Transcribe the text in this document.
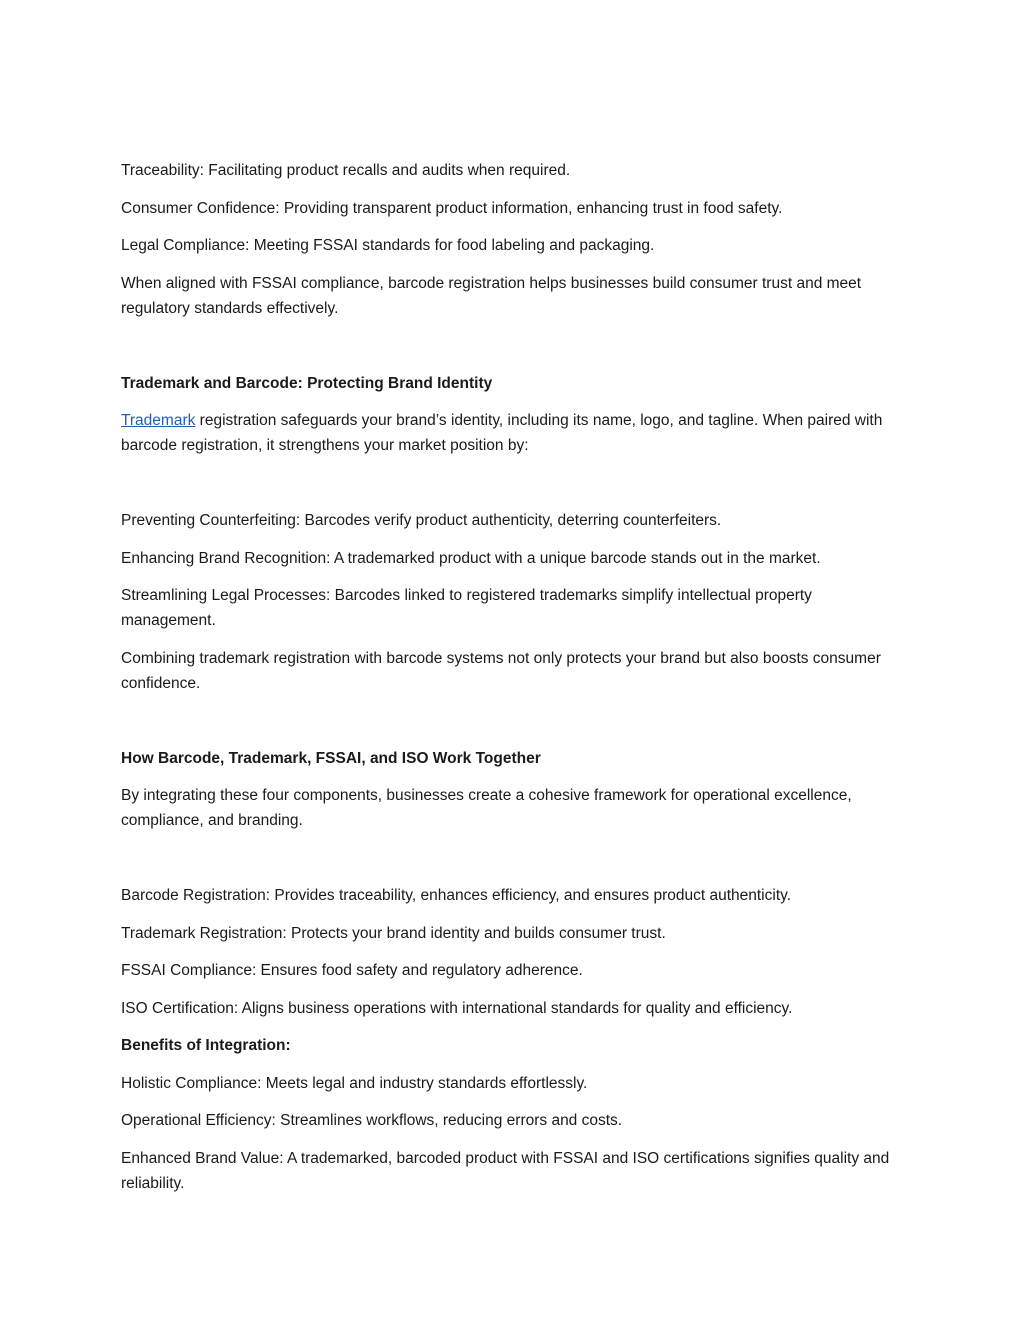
Traceability: Facilitating product recalls and audits when required.

Consumer Confidence: Providing transparent product information, enhancing trust in food safety.

Legal Compliance: Meeting FSSAI standards for food labeling and packaging.

When aligned with FSSAI compliance, barcode registration helps businesses build consumer trust and meet regulatory standards effectively.

Trademark and Barcode: Protecting Brand Identity

Trademark registration safeguards your brand’s identity, including its name, logo, and tagline. When paired with barcode registration, it strengthens your market position by:

Preventing Counterfeiting: Barcodes verify product authenticity, deterring counterfeiters.

Enhancing Brand Recognition: A trademarked product with a unique barcode stands out in the market.

Streamlining Legal Processes: Barcodes linked to registered trademarks simplify intellectual property management.

Combining trademark registration with barcode systems not only protects your brand but also boosts consumer confidence.

How Barcode, Trademark, FSSAI, and ISO Work Together

By integrating these four components, businesses create a cohesive framework for operational excellence, compliance, and branding.

Barcode Registration: Provides traceability, enhances efficiency, and ensures product authenticity.

Trademark Registration: Protects your brand identity and builds consumer trust.

FSSAI Compliance: Ensures food safety and regulatory adherence.

ISO Certification: Aligns business operations with international standards for quality and efficiency.

Benefits of Integration:

Holistic Compliance: Meets legal and industry standards effortlessly.

Operational Efficiency: Streamlines workflows, reducing errors and costs.

Enhanced Brand Value: A trademarked, barcoded product with FSSAI and ISO certifications signifies quality and reliability.
